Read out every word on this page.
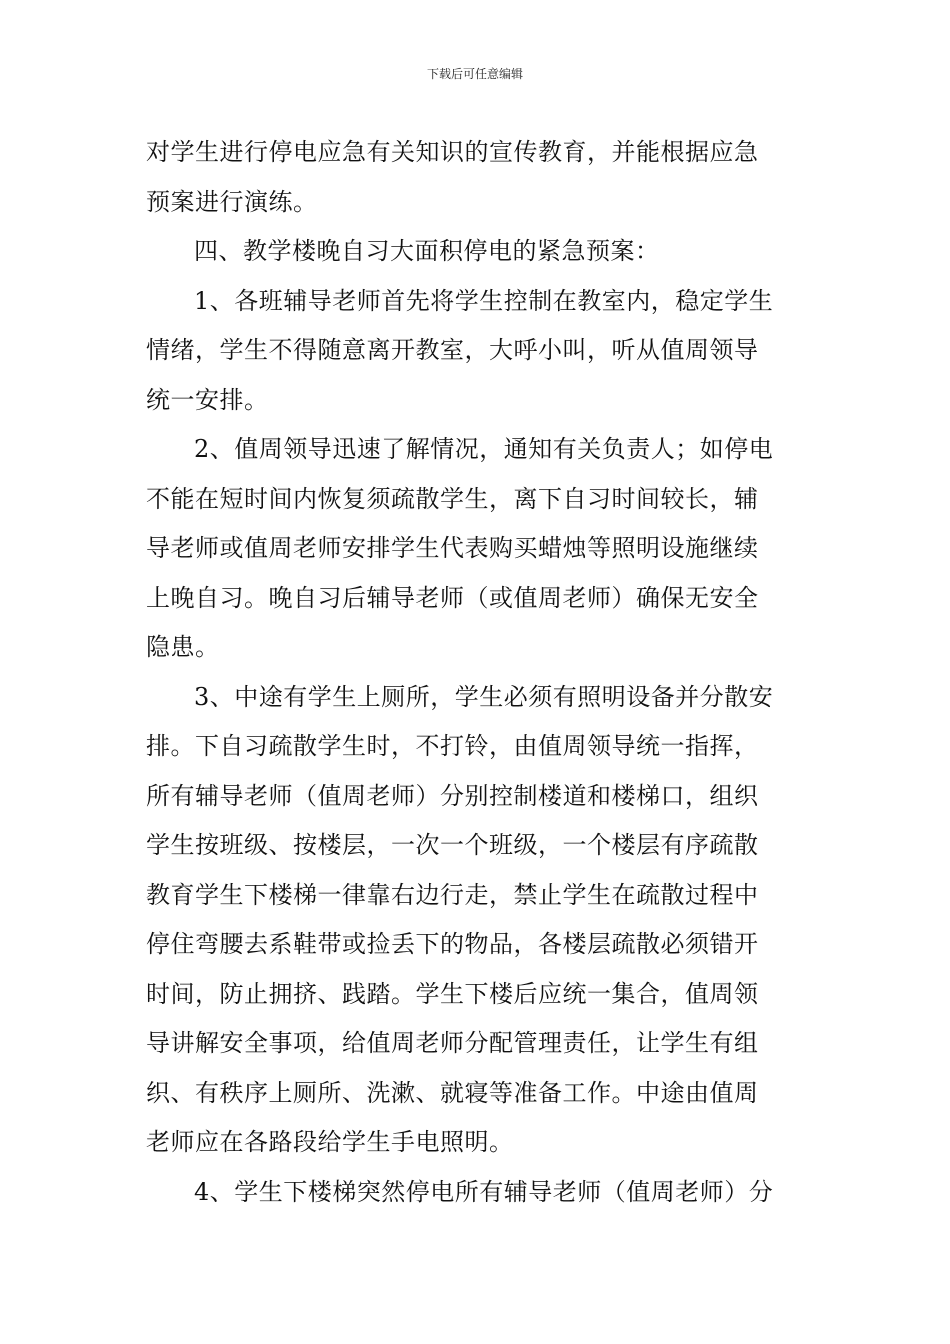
下载后可任意编辑
对学生进行停电应急有关知识的宣传教育，并能根据应急
预案进行演练。
四、教学楼晚自习大面积停电的紧急预案：
1、各班辅导老师首先将学生控制在教室内，稳定学生
情绪，学生不得随意离开教室，大呼小叫，听从值周领导
统一安排。
2、值周领导迅速了解情况，通知有关负责人；如停电
不能在短时间内恢复须疏散学生，离下自习时间较长，辅
导老师或值周老师安排学生代表购买蜡烛等照明设施继续
上晚自习。晚自习后辅导老师（或值周老师）确保无安全
隐患。
3、中途有学生上厕所，学生必须有照明设备并分散安
排。下自习疏散学生时，不打铃，由值周领导统一指挥，
所有辅导老师（值周老师）分别控制楼道和楼梯口，组织
学生按班级、按楼层，一次一个班级，一个楼层有序疏散
教育学生下楼梯一律靠右边行走，禁止学生在疏散过程中
停住弯腰去系鞋带或捡丢下的物品，各楼层疏散必须错开
时间，防止拥挤、践踏。学生下楼后应统一集合，值周领
导讲解安全事项，给值周老师分配管理责任，让学生有组
织、有秩序上厕所、洗漱、就寝等准备工作。中途由值周
老师应在各路段给学生手电照明。
4、学生下楼梯突然停电所有辅导老师（值周老师）分
